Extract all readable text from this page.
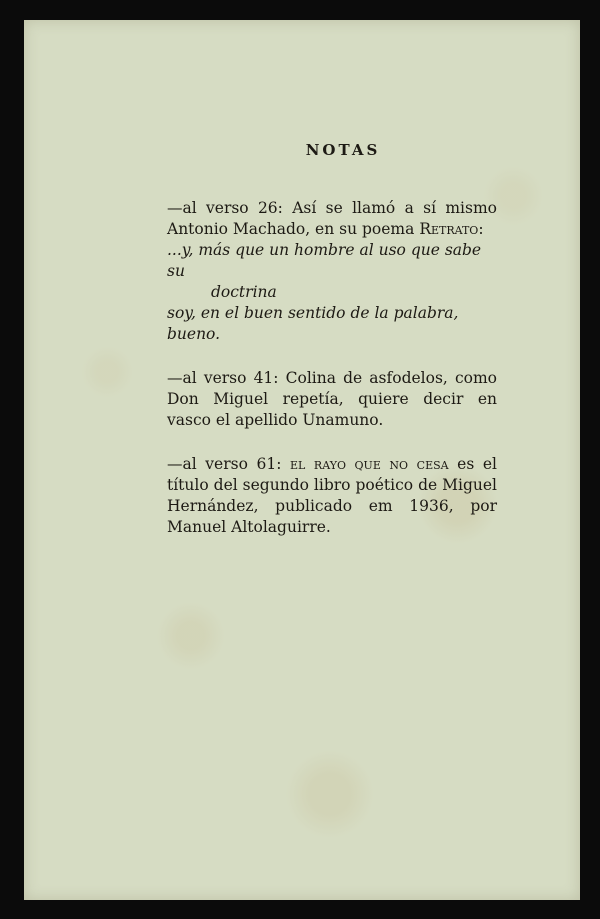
NOTAS

—al verso 26: Así se llamó a sí mismo Antonio Machado, en su poema Retrato:

...y, más que un hombre al uso que sabe su

doctrina

soy, en el buen sentido de la palabra, bueno.

—al verso 41: Colina de asfodelos, como Don Miguel repetía, quiere decir en vasco el apellido Unamuno.

—al verso 61: el rayo que no cesa es el título del segundo libro poético de Miguel Hernández, publicado em 1936, por Manuel Altolaguirre.
